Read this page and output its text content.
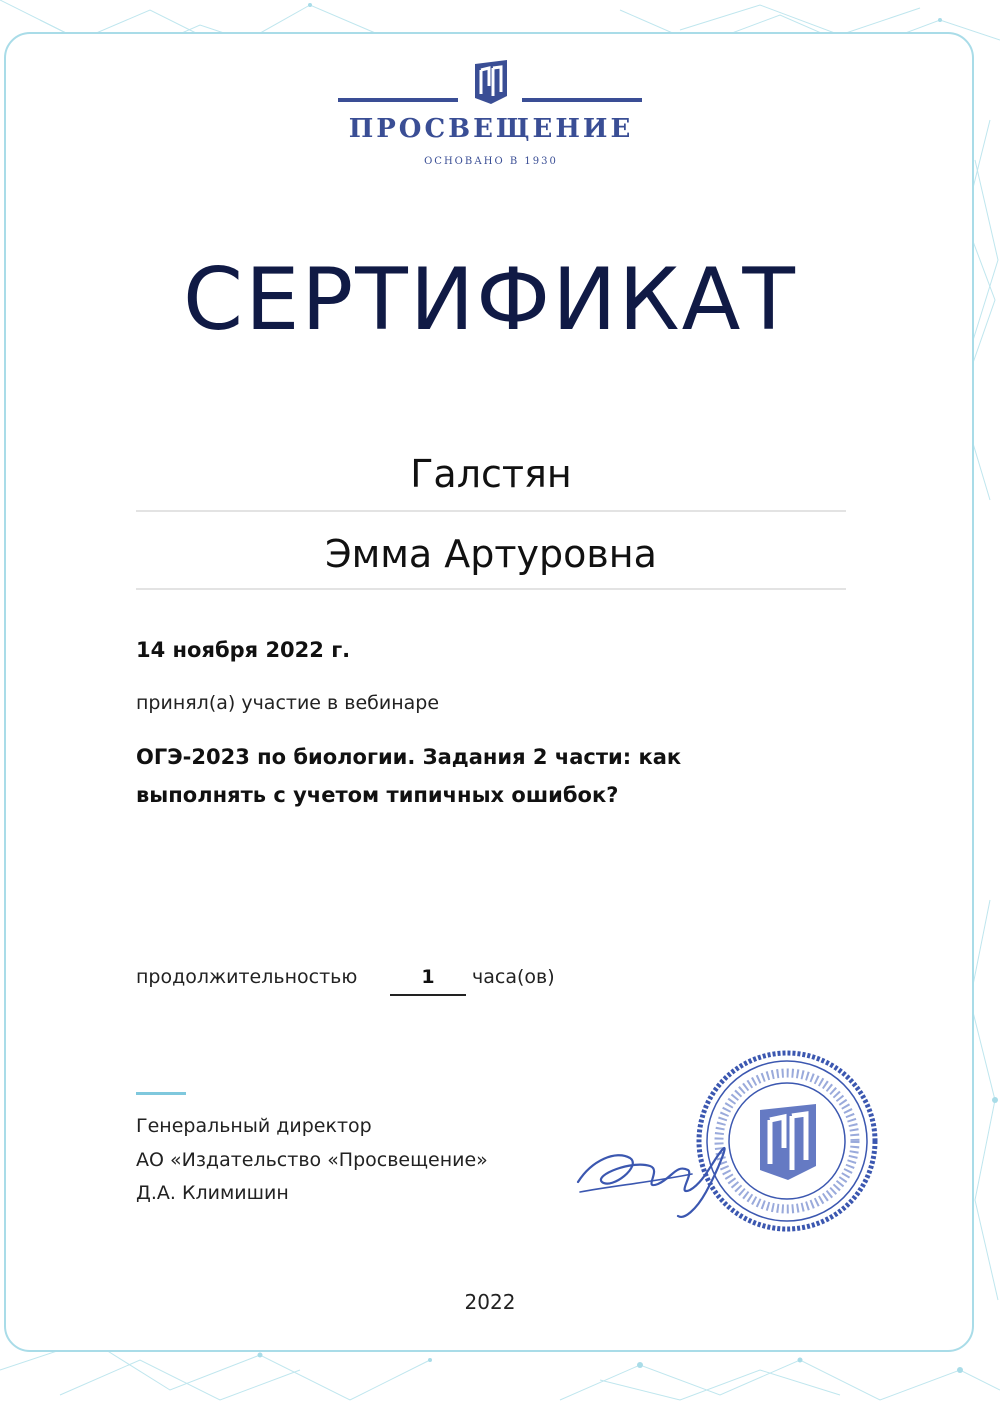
ПРОСВЕЩЕНИЕ
ОСНОВАНО В 1930
СЕРТИФИКАТ
Галстян
Эмма Артуровна
14 ноября 2022 г.
принял(а) участие в вебинаре
ОГЭ-2023 по биологии. Задания 2 части: как выполнять с учетом типичных ошибок?
продолжительностью	1	часа(ов)
Генеральный директор
АО «Издательство «Просвещение»
Д.А. Климишин
2022
